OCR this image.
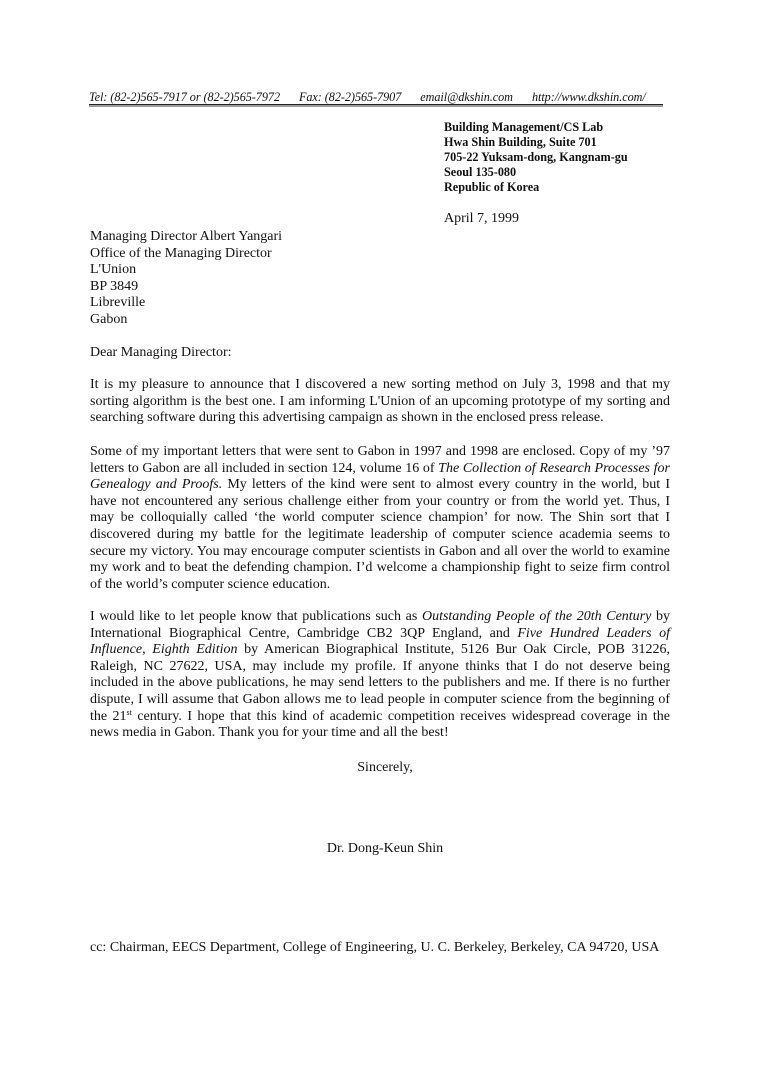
Tel: (82-2)565-7917 or (82-2)565-7972 Fax: (82-2)565-7907 email@dkshin.com http://www.dkshin.com/
Building Management/CS Lab
Hwa Shin Building, Suite 701
705-22 Yuksam-dong, Kangnam-gu
Seoul 135-080
Republic of Korea
April 7, 1999
Managing Director Albert Yangari
Office of the Managing Director
L'Union
BP 3849
Libreville
Gabon
Dear Managing Director:
It is my pleasure to announce that I discovered a new sorting method on July 3, 1998 and that my sorting algorithm is the best one. I am informing L'Union of an upcoming prototype of my sorting and searching software during this advertising campaign as shown in the enclosed press release.
Some of my important letters that were sent to Gabon in 1997 and 1998 are enclosed. Copy of my ’97 letters to Gabon are all included in section 124, volume 16 of The Collection of Research Processes for Genealogy and Proofs. My letters of the kind were sent to almost every country in the world, but I have not encountered any serious challenge either from your country or from the world yet. Thus, I may be colloquially called ‘the world computer science champion’ for now. The Shin sort that I discovered during my battle for the legitimate leadership of computer science academia seems to secure my victory. You may encourage computer scientists in Gabon and all over the world to examine my work and to beat the defending champion. I’d welcome a championship fight to seize firm control of the world’s computer science education.
I would like to let people know that publications such as Outstanding People of the 20th Century by International Biographical Centre, Cambridge CB2 3QP England, and Five Hundred Leaders of Influence, Eighth Edition by American Biographical Institute, 5126 Bur Oak Circle, POB 31226, Raleigh, NC 27622, USA, may include my profile. If anyone thinks that I do not deserve being included in the above publications, he may send letters to the publishers and me. If there is no further dispute, I will assume that Gabon allows me to lead people in computer science from the beginning of the 21st century. I hope that this kind of academic competition receives widespread coverage in the news media in Gabon. Thank you for your time and all the best!
Sincerely,
Dr. Dong-Keun Shin
cc: Chairman, EECS Department, College of Engineering, U. C. Berkeley, Berkeley, CA 94720, USA
